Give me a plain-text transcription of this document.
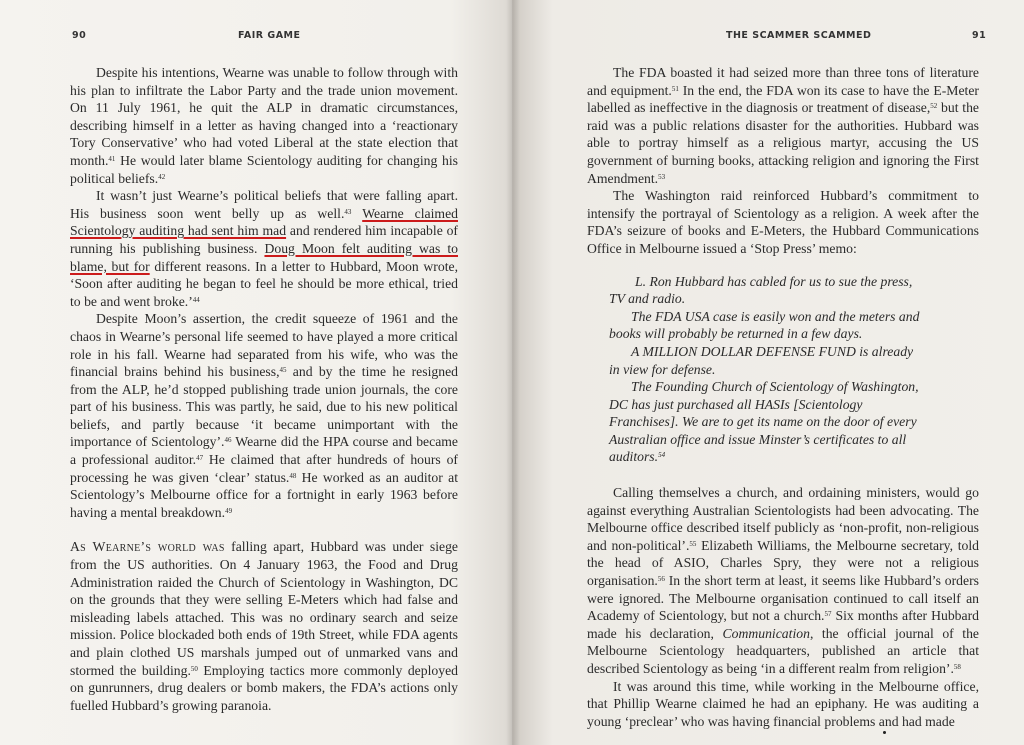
90	FAIR GAME

Despite his intentions, Wearne was unable to follow through with his plan to infiltrate the Labor Party and the trade union movement. On 11 July 1961, he quit the ALP in dramatic circumstances, describing himself in a letter as having changed into a ‘reactionary Tory Conservative’ who had voted Liberal at the state election that month.$^{41}$ He would later blame Scientology auditing for changing his political beliefs.$^{42}$

It wasn’t just Wearne’s political beliefs that were falling apart. His business soon went belly up as well.$^{43}$ Wearne claimed Scientology auditing had sent him mad and rendered him incapable of running his publishing business. Doug Moon felt auditing was to blame, but for different reasons. In a letter to Hubbard, Moon wrote, ‘Soon after auditing he began to feel he should be more ethical, tried to be and went broke.’$^{44}$

Despite Moon’s assertion, the credit squeeze of 1961 and the chaos in Wearne’s personal life seemed to have played a more critical role in his fall. Wearne had separated from his wife, who was the financial brains behind his business,$^{45}$ and by the time he resigned from the ALP, he’d stopped publishing trade union journals, the core part of his business. This was partly, he said, due to his new political beliefs, and partly because ‘it became unimportant with the importance of Scientology’.$^{46}$ Wearne did the HPA course and became a professional auditor.$^{47}$ He claimed that after hundreds of hours of processing he was given ‘clear’ status.$^{48}$ He worked as an auditor at Scientology’s Melbourne office for a fortnight in early 1963 before having a mental breakdown.$^{49}$

As Wearne’s world was falling apart, Hubbard was under siege from the US authorities. On 4 January 1963, the Food and Drug Administration raided the Church of Scientology in Washington, DC on the grounds that they were selling E-Meters which had false and misleading labels attached. This was no ordinary search and seize mission. Police blockaded both ends of 19th Street, while FDA agents and plain clothed US marshals jumped out of unmarked vans and stormed the building.$^{50}$ Employing tactics more commonly deployed on gunrunners, drug dealers or bomb makers, the FDA’s actions only fuelled Hubbard’s growing paranoia.

THE SCAMMER SCAMMED	91

The FDA boasted it had seized more than three tons of literature and equipment.$^{51}$ In the end, the FDA won its case to have the E-Meter labelled as ineffective in the diagnosis or treatment of disease,$^{52}$ but the raid was a public relations disaster for the authorities. Hubbard was able to portray himself as a religious martyr, accusing the US government of burning books, attacking religion and ignoring the First Amendment.$^{53}$

The Washington raid reinforced Hubbard’s commitment to intensify the portrayal of Scientology as a religion. A week after the FDA’s seizure of books and E-Meters, the Hubbard Communications Office in Melbourne issued a ‘Stop Press’ memo:

L. Ron Hubbard has cabled for us to sue the press, TV and radio.

The FDA USA case is easily won and the meters and books will probably be returned in a few days.

A MILLION DOLLAR DEFENSE FUND is already in view for defense.

The Founding Church of Scientology of Washington, DC has just purchased all HASIs [Scientology Franchises]. We are to get its name on the door of every Australian office and issue Minster’s certificates to all auditors.$^{54}$

Calling themselves a church, and ordaining ministers, would go against everything Australian Scientologists had been advocating. The Melbourne office described itself publicly as ‘non-profit, non-religious and non-political’.$^{55}$ Elizabeth Williams, the Melbourne secretary, told the head of ASIO, Charles Spry, they were not a religious organisation.$^{56}$ In the short term at least, it seems like Hubbard’s orders were ignored. The Melbourne organisation continued to call itself an Academy of Scientology, but not a church.$^{57}$ Six months after Hubbard made his declaration, Communication, the official journal of the Melbourne Scientology headquarters, published an article that described Scientology as being ‘in a different realm from religion’.$^{58}$

It was around this time, while working in the Melbourne office, that Phillip Wearne claimed he had an epiphany. He was auditing a young ‘preclear’ who was having financial problems and had made
